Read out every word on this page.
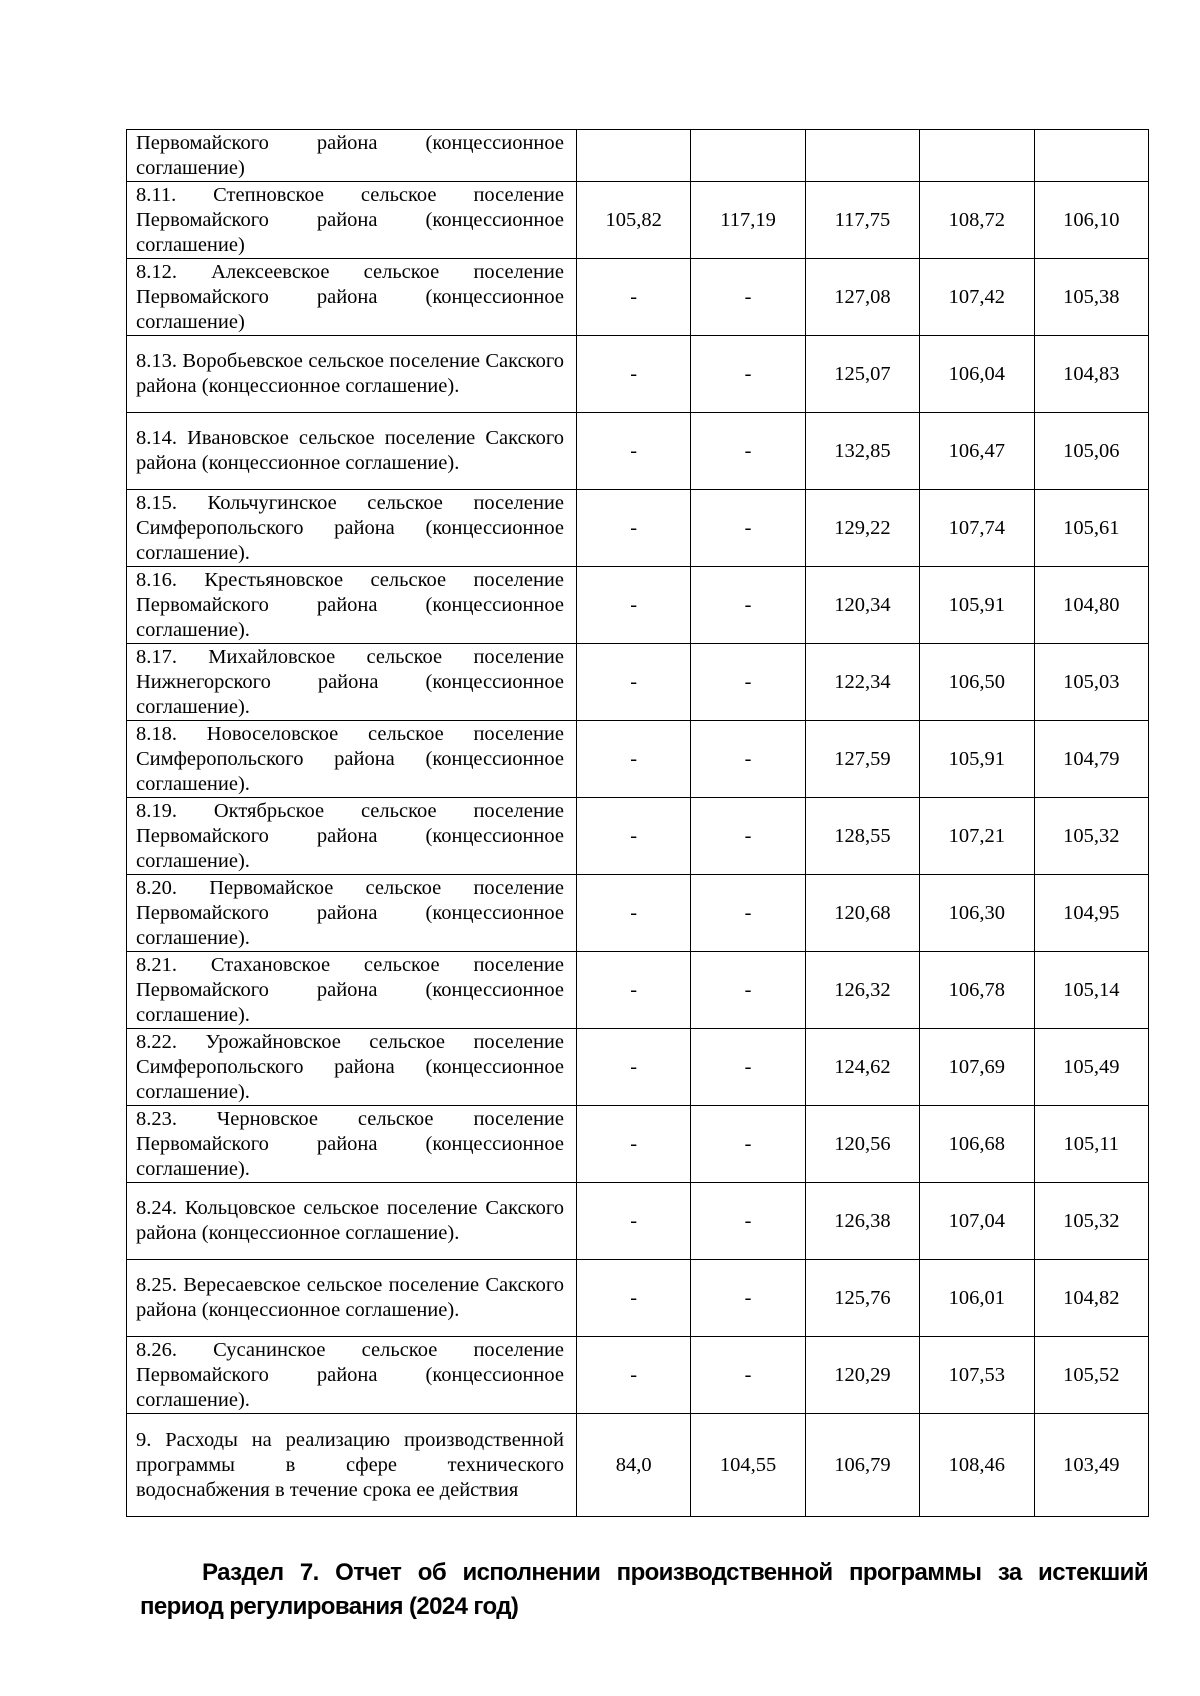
Первомайского района (концессионное соглашение)					
8.11. Степновское сельское поселение Первомайского района (концессионное соглашение)	105,82	117,19	117,75	108,72	106,10
8.12. Алексеевское сельское поселение Первомайского района (концессионное соглашение)	-	-	127,08	107,42	105,38
8.13. Воробьевское сельское поселение Сакского района (концессионное соглашение).	-	-	125,07	106,04	104,83
8.14. Ивановское сельское поселение Сакского района (концессионное соглашение).	-	-	132,85	106,47	105,06
8.15. Кольчугинское сельское поселение Симферопольского района (концессионное соглашение).	-	-	129,22	107,74	105,61
8.16. Крестьяновское сельское поселение Первомайского района (концессионное соглашение).	-	-	120,34	105,91	104,80
8.17. Михайловское сельское поселение Нижнегорского района (концессионное соглашение).	-	-	122,34	106,50	105,03
8.18. Новоселовское сельское поселение Симферопольского района (концессионное соглашение).	-	-	127,59	105,91	104,79
8.19. Октябрьское сельское поселение Первомайского района (концессионное соглашение).	-	-	128,55	107,21	105,32
8.20. Первомайское сельское поселение Первомайского района (концессионное соглашение).	-	-	120,68	106,30	104,95
8.21. Стахановское сельское поселение Первомайского района (концессионное соглашение).	-	-	126,32	106,78	105,14
8.22. Урожайновское сельское поселение Симферопольского района (концессионное соглашение).	-	-	124,62	107,69	105,49
8.23. Черновское сельское поселение Первомайского района (концессионное соглашение).	-	-	120,56	106,68	105,11
8.24. Кольцовское сельское поселение Сакского района (концессионное соглашение).	-	-	126,38	107,04	105,32
8.25. Вересаевское сельское поселение Сакского района (концессионное соглашение).	-	-	125,76	106,01	104,82
8.26. Сусанинское сельское поселение Первомайского района (концессионное соглашение).	-	-	120,29	107,53	105,52
9. Расходы на реализацию производственной программы в сфере технического водоснабжения в течение срока ее действия	84,0	104,55	106,79	108,46	103,49

Раздел 7. Отчет об исполнении производственной программы за истекший период регулирования (2024 год)
